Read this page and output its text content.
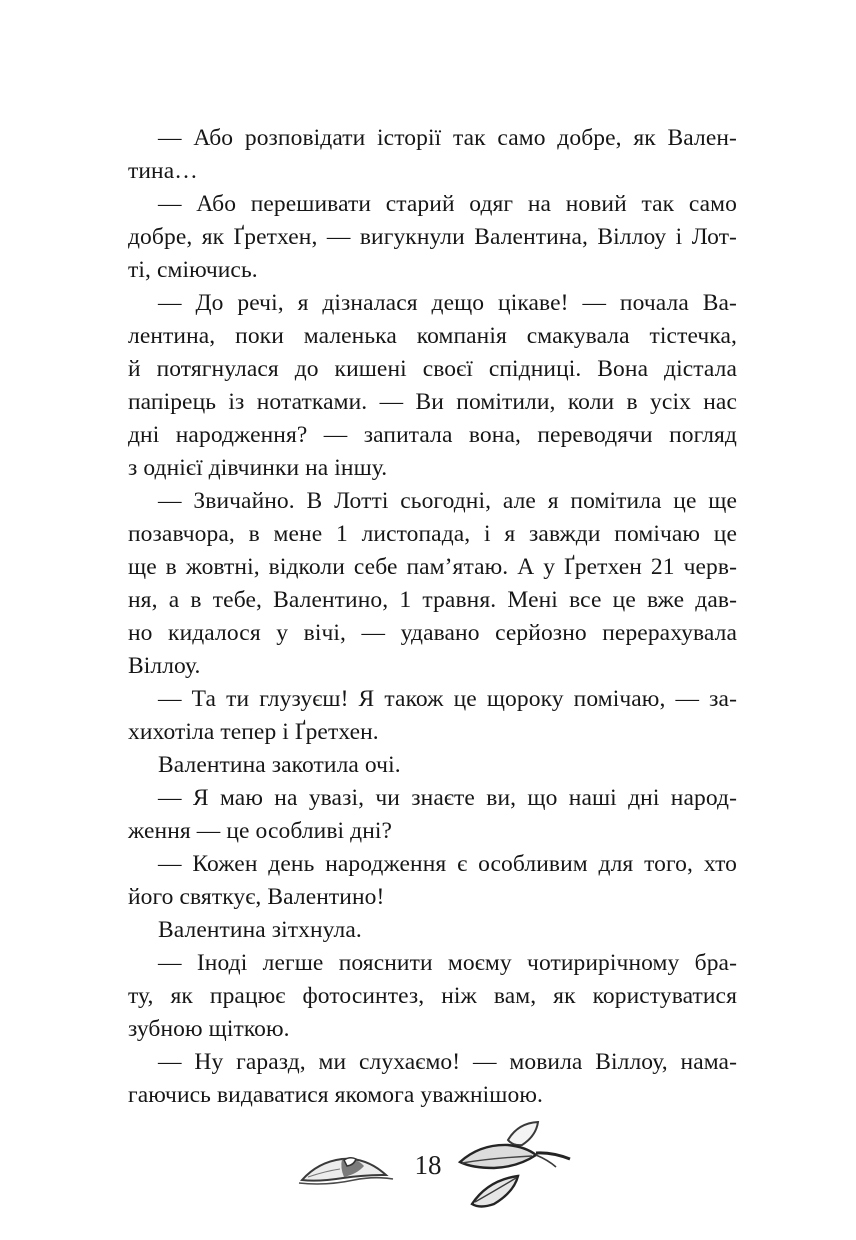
— Або розповідати історії так само добре, як Вален-
тина…
— Або перешивати старий одяг на новий так само
добре, як Ґретхен, — вигукнули Валентина, Віллоу і Лот-
ті, сміючись.
— До речі, я дізналася дещо цікаве! — почала Ва-
лентина, поки маленька компанія смакувала тістечка,
й потягнулася до кишені своєї спідниці. Вона дістала
папірець із нотатками. — Ви помітили, коли в усіх нас
дні народження? — запитала вона, переводячи погляд
з однієї дівчинки на іншу.
— Звичайно. В Лотті сьогодні, але я помітила це ще
позавчора, в мене 1 листопада, і я завжди помічаю це
ще в жовтні, відколи себе пам’ятаю. А у Ґретхен 21 черв-
ня, а в тебе, Валентино, 1 травня. Мені все це вже дав-
но кидалося у вічі, — удавано серйозно перерахувала
Віллоу.
— Та ти глузуєш! Я також це щороку помічаю, — за-
хихотіла тепер і Ґретхен.
Валентина закотила очі.
— Я маю на увазі, чи знаєте ви, що наші дні народ-
ження — це особливі дні?
— Кожен день народження є особливим для того, хто
його святкує, Валентино!
Валентина зітхнула.
— Іноді легше пояснити моєму чотирирічному бра-
ту, як працює фотосинтез, ніж вам, як користуватися
зубною щіткою.
— Ну гаразд, ми слухаємо! — мовила Віллоу, нама-
гаючись видаватися якомога уважнішою.
18
